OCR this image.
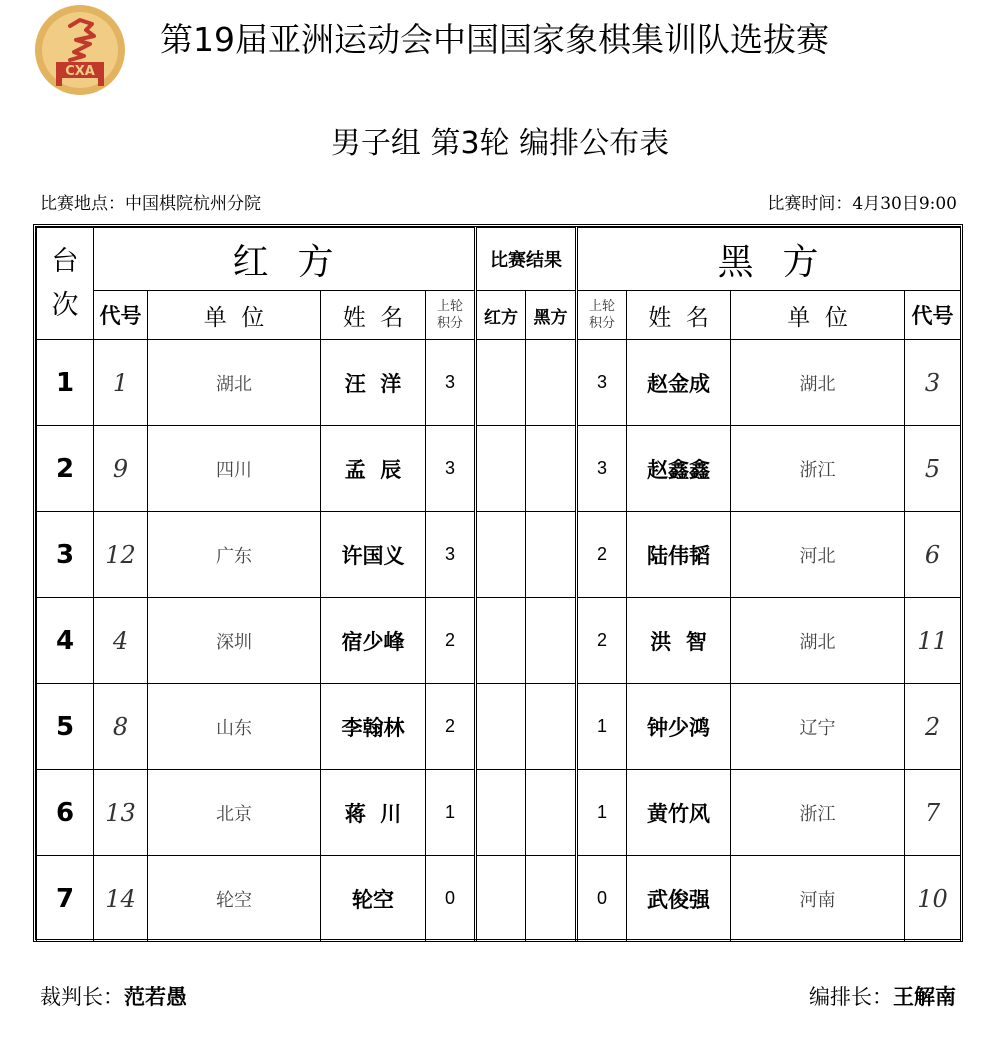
CXA
第19届亚洲运动会中国国家象棋集训队选拔赛
男子组 第3轮 编排公布表
比赛地点：中国棋院杭州分院	比赛时间：4月30日9:00
台次	红  方				比赛结果		黑  方			
	代号	单  位	姓  名	上轮积分	红方	黑方	上轮积分	姓  名	单  位	代号
1	1	湖北	汪  洋	3			3	赵金成	湖北	3
2	9	四川	孟  辰	3			3	赵鑫鑫	浙江	5
3	12	广东	许国义	3			2	陆伟韬	河北	6
4	4	深圳	宿少峰	2			2	洪  智	湖北	11
5	8	山东	李翰林	2			1	钟少鸿	辽宁	2
6	13	北京	蒋  川	1			1	黄竹风	浙江	7
7	14	轮空	轮空	0			0	武俊强	河南	10
裁判长：范若愚	编排长：王解南
